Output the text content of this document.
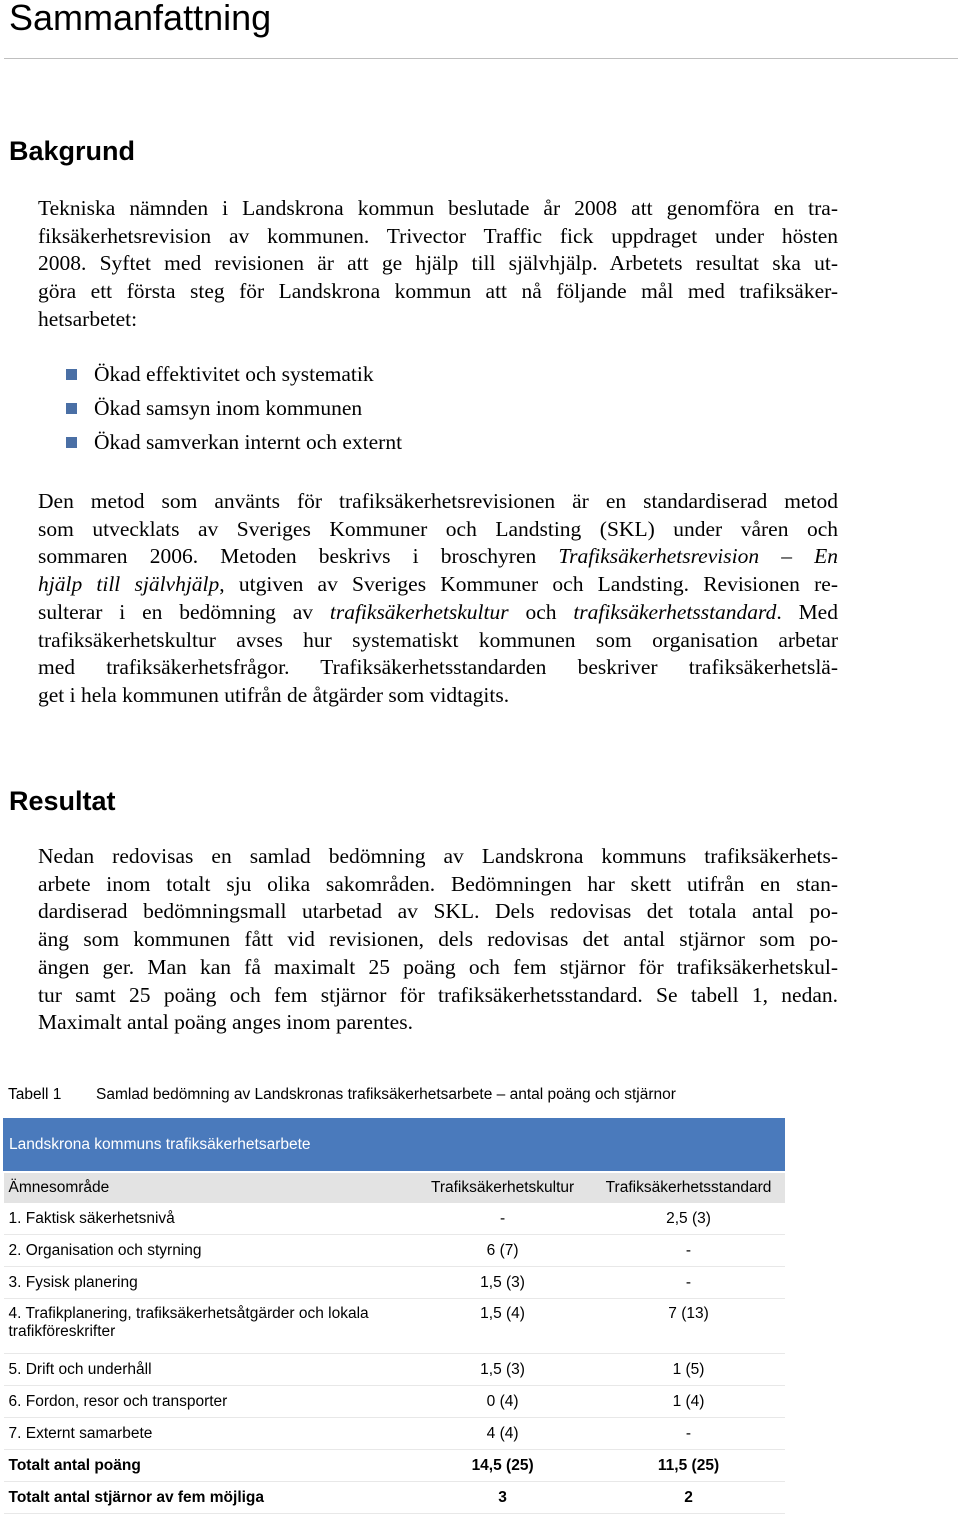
Sammanfattning
Bakgrund

Tekniska nämnden i Landskrona kommun beslutade år 2008 att genomföra en tra-
fiksäkerhetsrevision av kommunen. Trivector Traffic fick uppdraget under hösten
2008. Syftet med revisionen är att ge hjälp till självhjälp. Arbetets resultat ska ut-
göra ett första steg för Landskrona kommun att nå följande mål med trafiksäker-
hetsarbetet:

Ökad effektivitet och systematik
Ökad samsyn inom kommunen
Ökad samverkan internt och externt

Den metod som använts för trafiksäkerhetsrevisionen är en standardiserad metod
som utvecklats av Sveriges Kommuner och Landsting (SKL) under våren och
sommaren 2006. Metoden beskrivs i broschyren Trafiksäkerhetsrevision – En
hjälp till självhjälp, utgiven av Sveriges Kommuner och Landsting. Revisionen re-
sulterar i en bedömning av trafiksäkerhetskultur och trafiksäkerhetsstandard. Med
trafiksäkerhetskultur avses hur systematiskt kommunen som organisation arbetar
med trafiksäkerhetsfrågor. Trafiksäkerhetsstandarden beskriver trafiksäkerhetslä-
get i hela kommunen utifrån de åtgärder som vidtagits.

Resultat

Nedan redovisas en samlad bedömning av Landskrona kommuns trafiksäkerhets-
arbete inom totalt sju olika sakområden. Bedömningen har skett utifrån en stan-
dardiserad bedömningsmall utarbetad av SKL. Dels redovisas det totala antal po-
äng som kommunen fått vid revisionen, dels redovisas det antal stjärnor som po-
ängen ger. Man kan få maximalt 25 poäng och fem stjärnor för trafiksäkerhetskul-
tur samt 25 poäng och fem stjärnor för trafiksäkerhetsstandard. Se tabell 1, nedan.
Maximalt antal poäng anges inom parentes.

Tabell 1 Samlad bedömning av Landskronas trafiksäkerhetsarbete – antal poäng och stjärnor
Landskrona kommuns trafiksäkerhetsarbete		

Ämnesområde	Trafiksäkerhetskultur	Trafiksäkerhetsstandard
1. Faktisk säkerhetsnivå	-	2,5 (3)
2. Organisation och styrning	6 (7)	-
3. Fysisk planering	1,5 (3)	-
4. Trafikplanering, trafiksäkerhetsåtgärder och lokala trafikföreskrifter	1,5 (4)	7 (13)
5. Drift och underhåll	1,5 (3)	1 (5)
6. Fordon, resor och transporter	0 (4)	1 (4)
7. Externt samarbete	4 (4)	-
Totalt antal poäng	14,5 (25)	11,5 (25)
Totalt antal stjärnor av fem möjliga	3	2
